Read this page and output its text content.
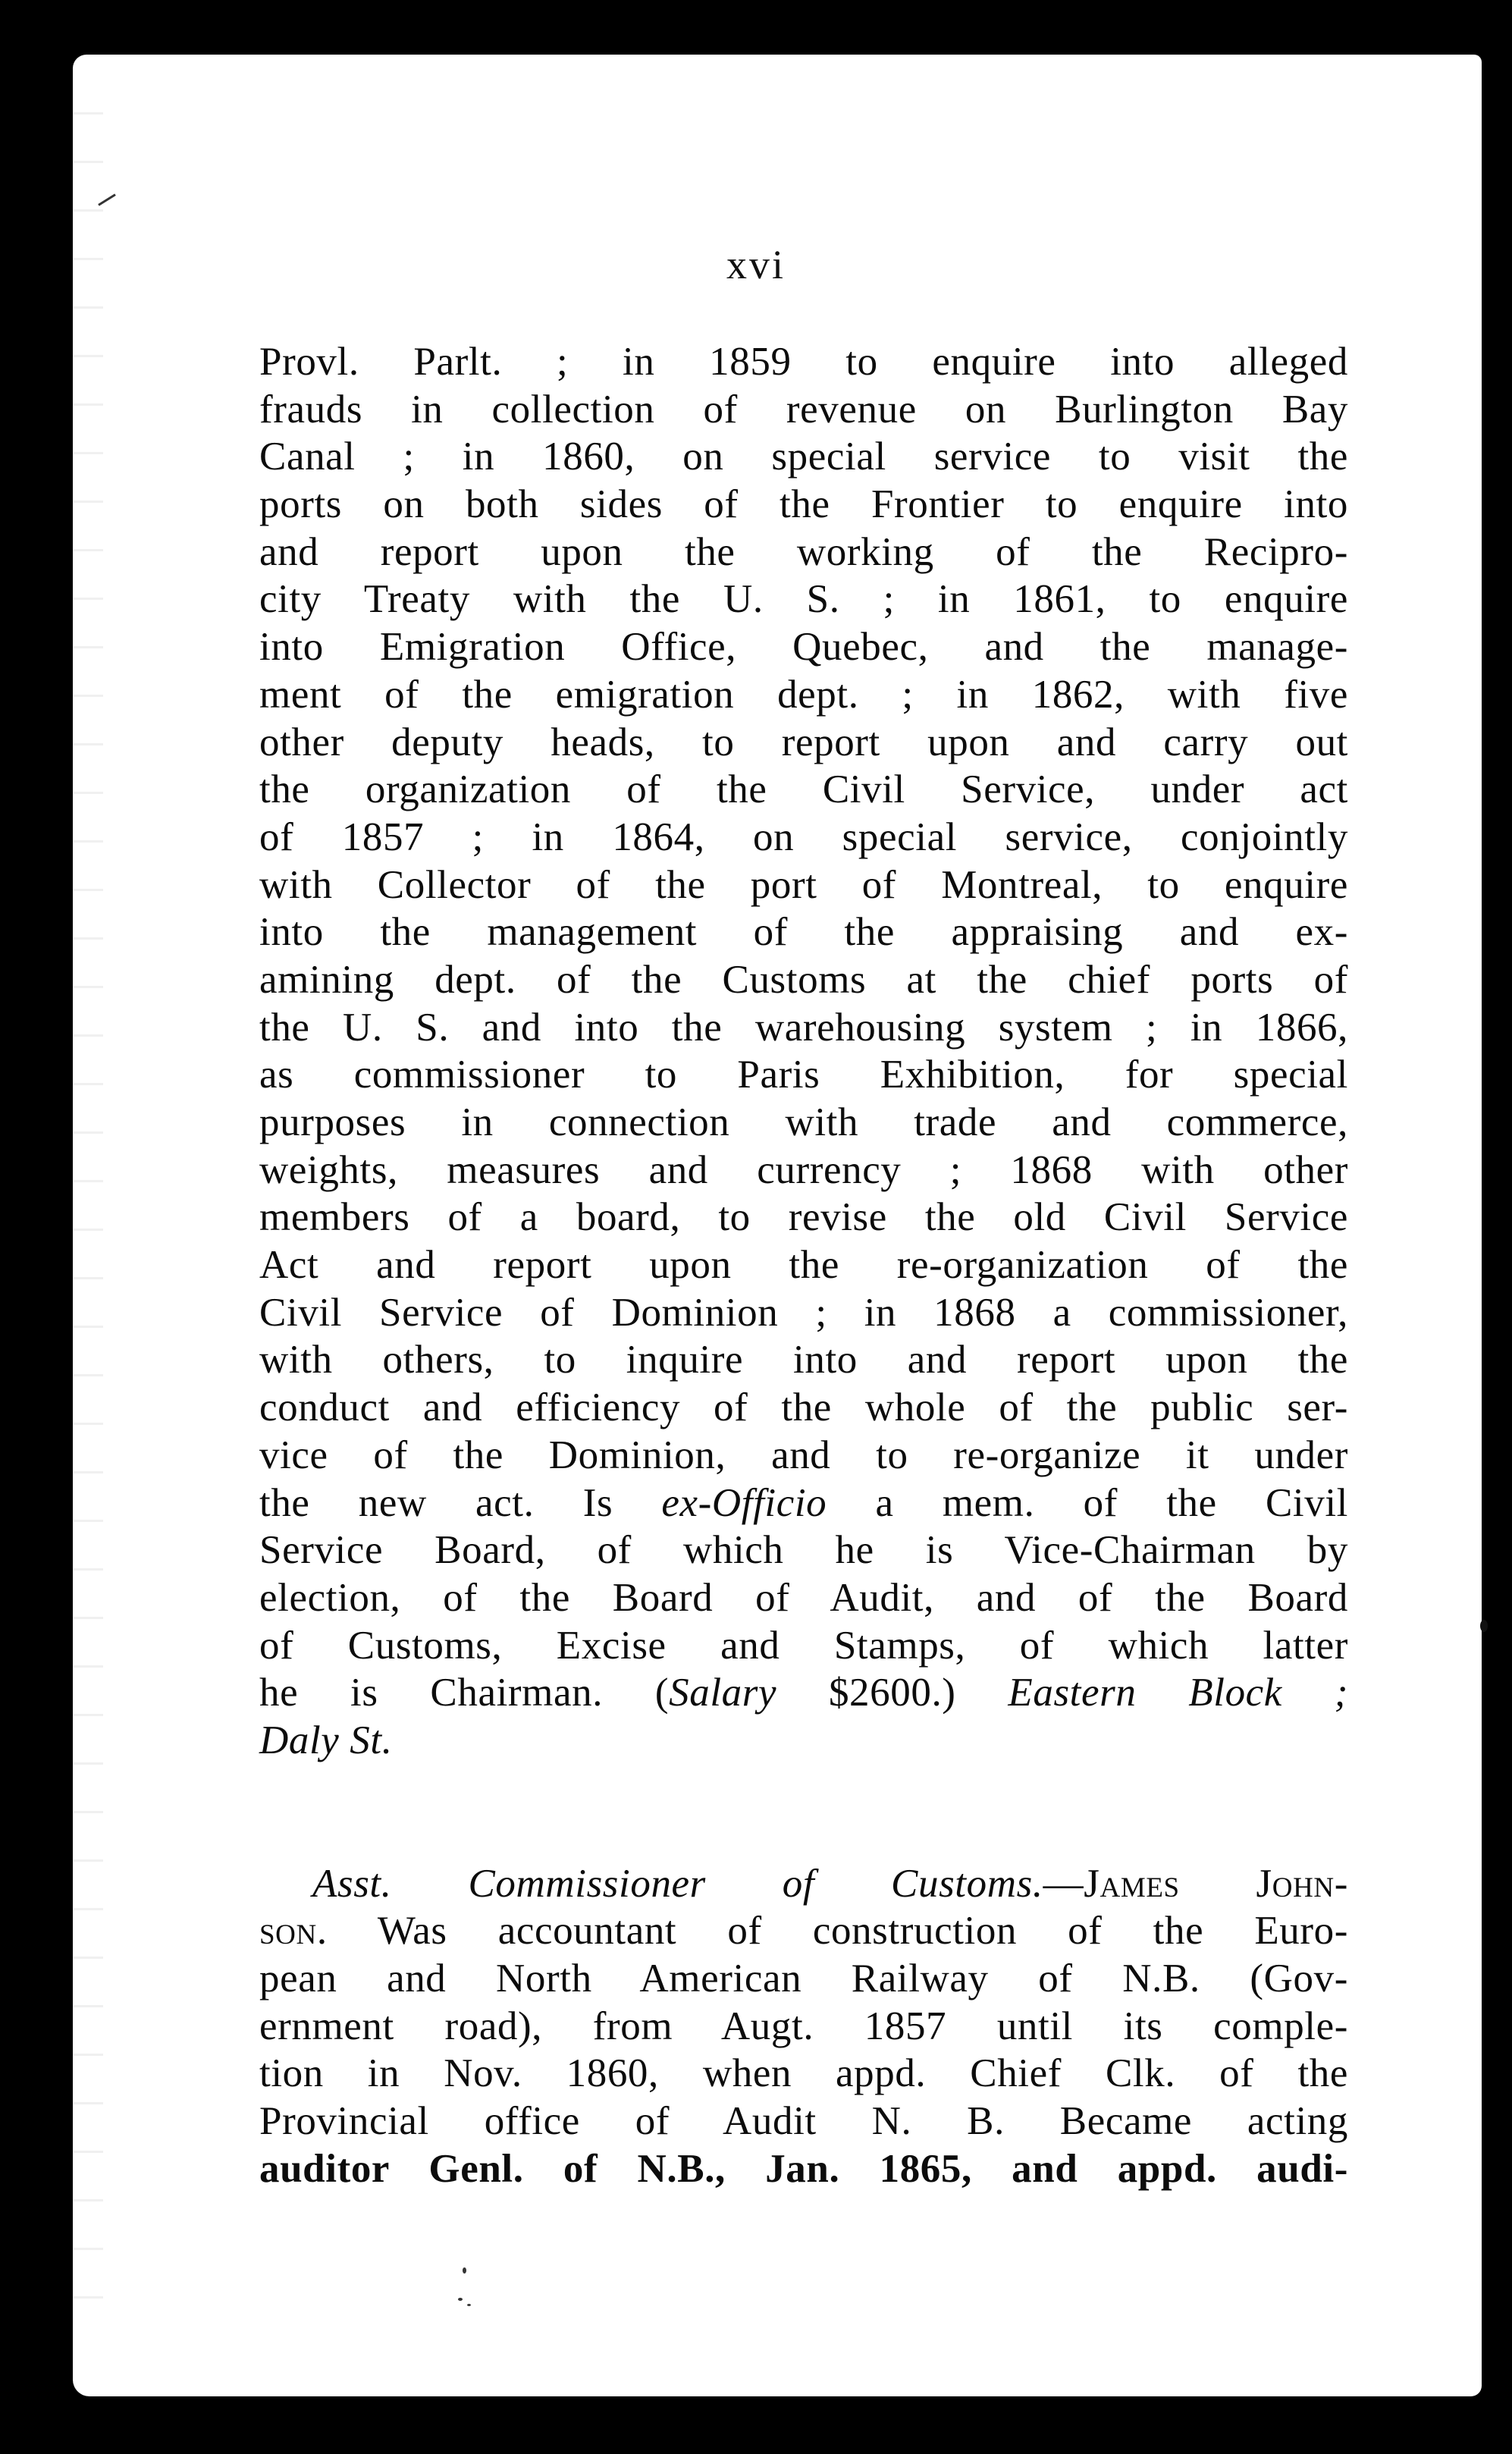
xvi
Provl. Parlt. ; in 1859 to enquire into alleged
frauds in collection of revenue on Burlington Bay
Canal ; in 1860, on special service to visit the
ports on both sides of the Frontier to enquire into
and report upon the working of the Recipro-
city Treaty with the U. S. ; in 1861, to enquire
into Emigration Office, Quebec, and the manage-
ment of the emigration dept. ; in 1862, with five
other deputy heads, to report upon and carry out
the organization of the Civil Service, under act
of 1857 ; in 1864, on special service, conjointly
with Collector of the port of Montreal, to enquire
into the management of the appraising and ex-
amining dept. of the Customs at the chief ports of
the U. S. and into the warehousing system ; in 1866,
as commissioner to Paris Exhibition, for special
purposes in connection with trade and commerce,
weights, measures and currency ; 1868 with other
members of a board, to revise the old Civil Service
Act and report upon the re-organization of the
Civil Service of Dominion ; in 1868 a commissioner,
with others, to inquire into and report upon the
conduct and efficiency of the whole of the public ser-
vice of the Dominion, and to re-organize it under
the new act. Is ex-Officio a mem. of the Civil
Service Board, of which he is Vice-Chairman by
election, of the Board of Audit, and of the Board
of Customs, Excise and Stamps, of which latter
he is Chairman. (Salary $2600.) Eastern Block ;
Daly St.
Asst. Commissioner of Customs.—James John-
son. Was accountant of construction of the Euro-
pean and North American Railway of N.B. (Gov-
ernment road), from Augt. 1857 until its comple-
tion in Nov. 1860, when appd. Chief Clk. of the
Provincial office of Audit N. B. Became acting
auditor Genl. of N.B., Jan. 1865, and appd. audi-
